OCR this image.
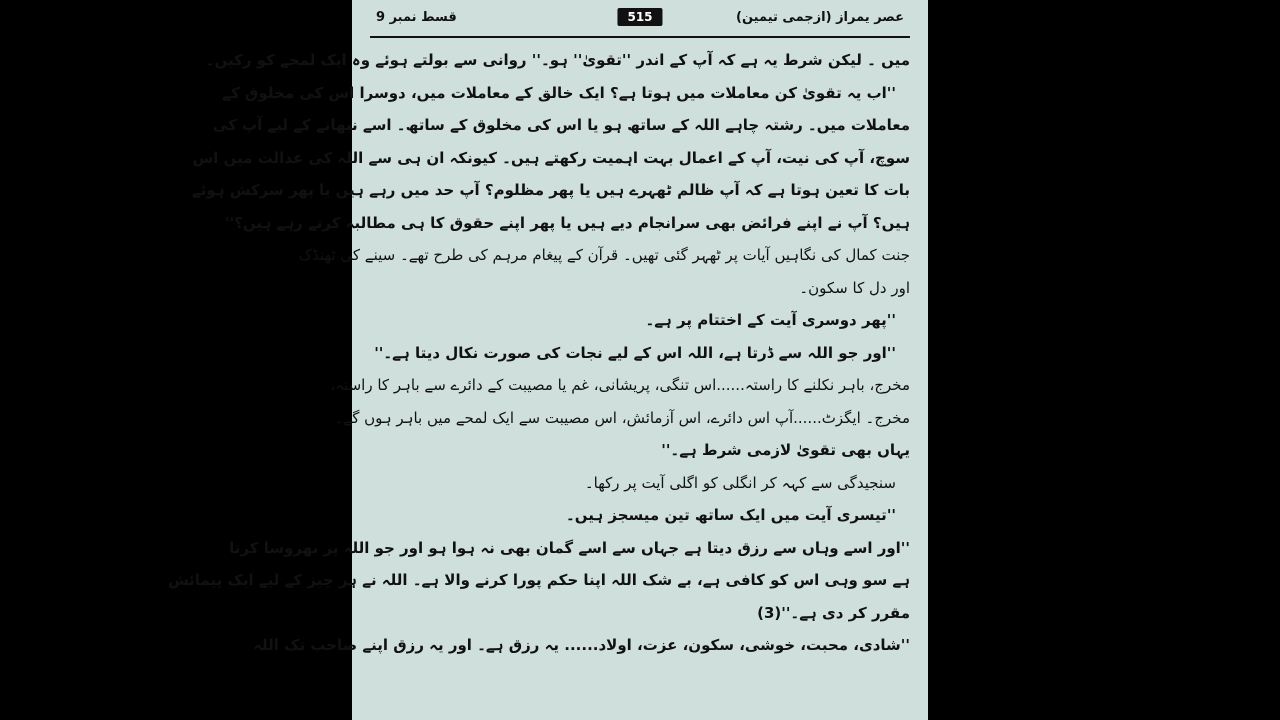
قسط نمبر 9	515	عصر یمراز (ازجمی تیمین)
میں ۔ لیکن شرط یہ ہے کہ آپ کے اندر ''تقویٰ'' ہو۔'' روانی سے بولتے ہوئے وہ ایک لمحے کو رکیں۔
''اب یہ تقویٰ کن معاملات میں ہوتا ہے؟ ایک خالق کے معاملات میں، دوسرا اس کی مخلوق کے
معاملات میں۔ رشتہ چاہے اللہ کے ساتھ ہو یا اس کی مخلوق کے ساتھ۔ اسے نبھانے کے لیے آپ کی
سوچ، آپ کی نیت، آپ کے اعمال بہت اہمیت رکھتے ہیں۔ کیونکہ ان ہی سے اللہ کی عدالت میں اس
بات کا تعین ہوتا ہے کہ آپ ظالم ٹھہرے ہیں یا پھر مظلوم؟ آپ حد میں رہے ہیں یا پھر سرکش ہوئے
ہیں؟ آپ نے اپنے فرائض بھی سرانجام دیے ہیں یا پھر اپنے حقوق کا ہی مطالبہ کرتے رہے ہیں؟''
جنت کمال کی نگاہیں آیات پر ٹھہر گئی تھیں۔ قرآن کے پیغام مرہم کی طرح تھے۔ سینے کی ٹھنڈک
اور دل کا سکون۔
''پھر دوسری آیت کے اختتام پر ہے۔
''اور جو اللہ سے ڈرتا ہے، اللہ اس کے لیے نجات کی صورت نکال دیتا ہے۔''
مخرج، باہر نکلنے کا راستہ......اس تنگی، پریشانی، غم یا مصیبت کے دائرے سے باہر کا راستہ،
مخرج۔ ایگزٹ......آپ اس دائرے، اس آزمائش، اس مصیبت سے ایک لمحے میں باہر ہوں گے۔
یہاں بھی تقویٰ لازمی شرط ہے۔''
سنجیدگی سے کہہ کر انگلی کو اگلی آیت پر رکھا۔
''تیسری آیت میں ایک ساتھ تین میسجز ہیں۔
''اور اسے وہاں سے رزق دیتا ہے جہاں سے اسے گمان بھی نہ ہوا ہو اور جو اللہ پر بھروسا کرتا
ہے سو وہی اس کو کافی ہے، بے شک اللہ اپنا حکم پورا کرنے والا ہے۔ اللہ نے ہر چیز کے لیے ایک پیمائش
مقرر کر دی ہے۔''(3)
''شادی، محبت، خوشی، سکون، عزت، اولاد...... یہ رزق ہے۔ اور یہ رزق اپنے صاحب تک اللہ
